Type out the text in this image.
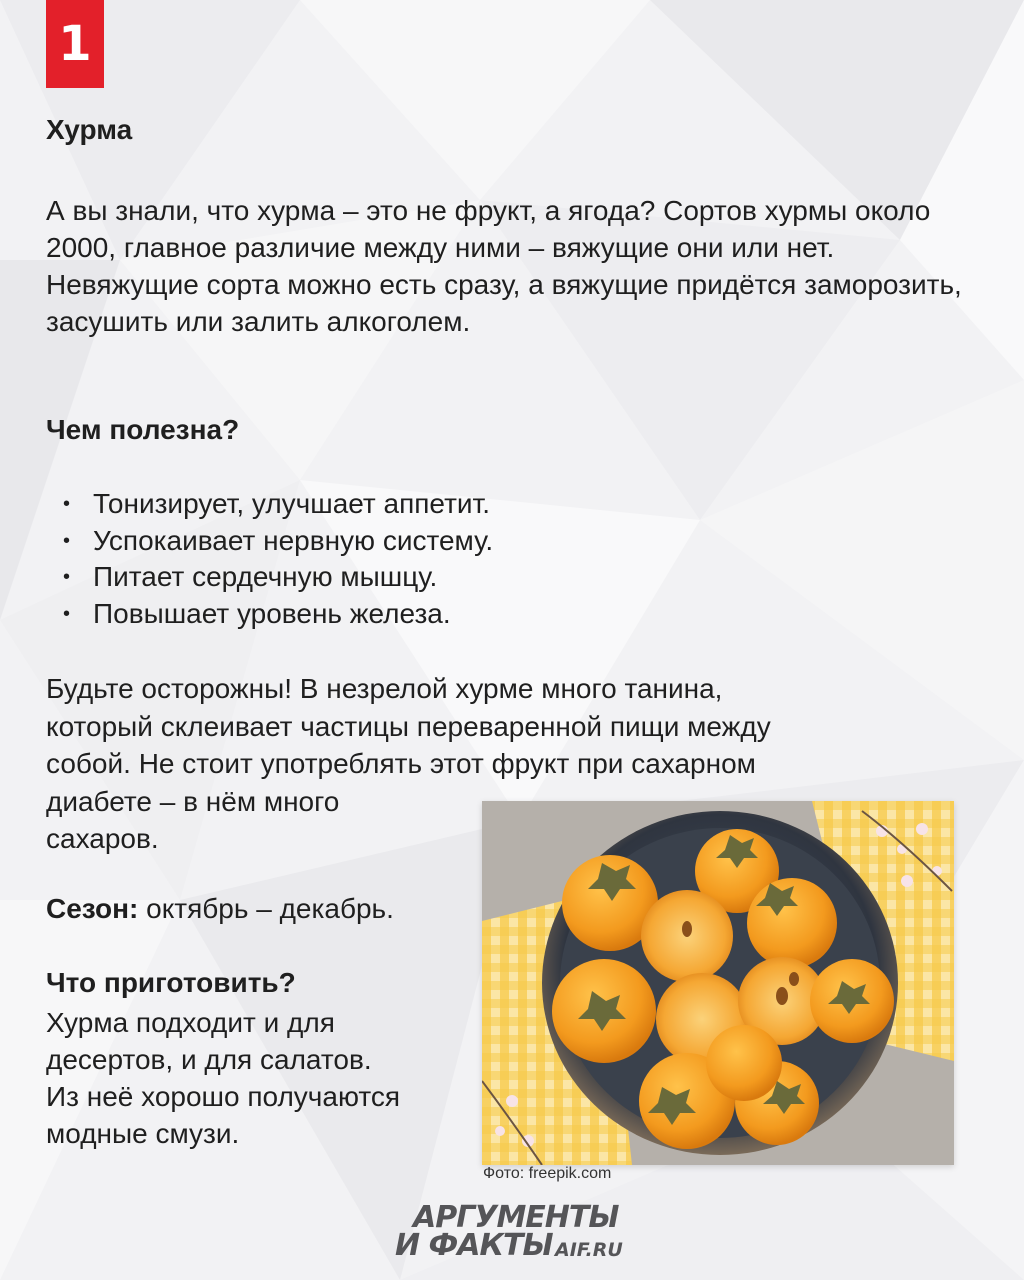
1
Хурма

А вы знали, что хурма – это не фрукт, а ягода? Сортов хурмы около 2000, главное различие между ними – вяжущие они или нет. Невяжущие сорта можно есть сразу, а вяжущие придётся заморозить, засушить или залить алкоголем.

Чем полезна?
• Тонизирует, улучшает аппетит.
• Успокаивает нервную систему.
• Питает сердечную мышцу.
• Повышает уровень железа.
Будьте осторожны! В незрелой хурме много танина,
который склеивает частицы переваренной пищи между
собой. Не стоит употреблять этот фрукт при сахарном
диабете – в нём много
сахаров.

Сезон: октябрь – декабрь.

Что приготовить?
Хурма подходит и для
десертов, и для салатов.
Из неё хорошо получаются
модные смузи.

Фото: freepik.com

АРГУМЕНТЫ
И ФАКТЫ AIF.RU
